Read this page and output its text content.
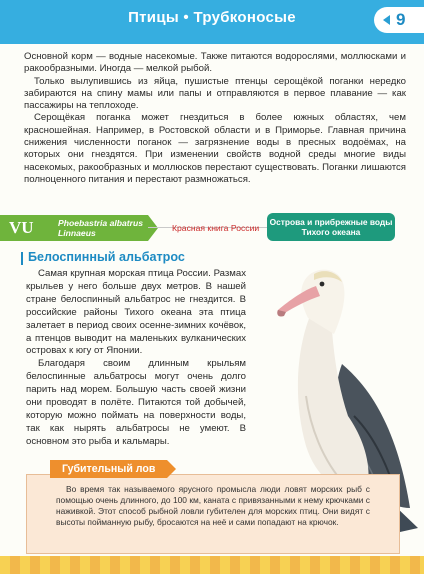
Птицы • Трубконосые	9

Основной корм — водные насекомые. Также питаются водорослями, моллюсками и ракообразными. Иногда — мелкой рыбой.

Только вылупившись из яйца, пушистые птенцы серощёкой поганки нередко забираются на спину мамы или папы и отправляются в первое плавание — как пассажиры на теплоходе.

Серощёкая поганка может гнездиться в более южных областях, чем красношейная. Например, в Ростовской области и в Приморье. Главная причина снижения численности поганок — загрязнение воды в пресных водоёмах, на которых они гнездятся. При изменении свойств водной среды многие виды насекомых, ракообразных и моллюсков перестают существовать. Поганки лишаются полноценного питания и перестают размножаться.

VU	Phoebastria albatrus
Linnaeus	Красная книга России
Острова и прибрежные воды Тихого океана
Белоспинный альбатрос

Самая крупная морская птица России. Размах крыльев у него больше двух метров. В нашей стране белоспинный альбатрос не гнездится. В российские районы Тихого океана эта птица залетает в период своих осенне-зимних кочёвок, а птенцов выводит на маленьких вулканических островах к югу от Японии.

Благодаря своим длинным крыльям белоспинные альбатросы могут очень долго парить над морем. Большую часть своей жизни они проводят в полёте. Питаются той добычей, которую можно поймать на поверхности воды, так как нырять альбатросы не умеют. В основном это рыба и кальмары.

Губительный лов
Во время так называемого ярусного промысла люди ловят морских рыб с помощью очень длинного, до 100 км, каната с привязанными к нему крючками с наживкой. Этот способ рыбной ловли губителен для морских птиц. Они видят с высоты пойманную рыбу, бросаются на неё и сами попадают на крючок.
